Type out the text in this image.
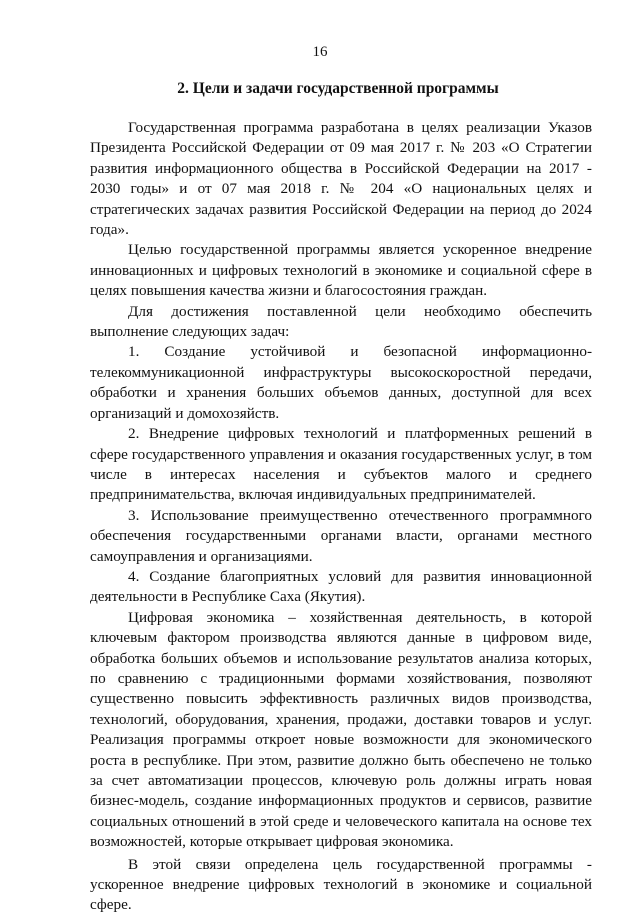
16
2. Цели и задачи государственной программы

Государственная программа разработана в целях реализации Указов Президента Российской Федерации от 09 мая 2017 г. № 203 «О Стратегии развития информационного общества в Российской Федерации на 2017 - 2030 годы» и от 07 мая 2018 г. № 204 «О национальных целях и стратегических задачах развития Российской Федерации на период до 2024 года».

Целью государственной программы является ускоренное внедрение инновационных и цифровых технологий в экономике и социальной сфере в целях повышения качества жизни и благосостояния граждан.

Для достижения поставленной цели необходимо обеспечить выполнение следующих задач:

1. Создание устойчивой и безопасной информационно-телекоммуникационной инфраструктуры высокоскоростной передачи, обработки и хранения больших объемов данных, доступной для всех организаций и домохозяйств.

2. Внедрение цифровых технологий и платформенных решений в сфере государственного управления и оказания государственных услуг, в том числе в интересах населения и субъектов малого и среднего предпринимательства, включая индивидуальных предпринимателей.

3. Использование преимущественно отечественного программного обеспечения государственными органами власти, органами местного самоуправления и организациями.

4. Создание благоприятных условий для развития инновационной деятельности в Республике Саха (Якутия).

Цифровая экономика – хозяйственная деятельность, в которой ключевым фактором производства являются данные в цифровом виде, обработка больших объемов и использование результатов анализа которых, по сравнению с традиционными формами хозяйствования, позволяют существенно повысить эффективность различных видов производства, технологий, оборудования, хранения, продажи, доставки товаров и услуг. Реализация программы откроет новые возможности для экономического роста в республике. При этом, развитие должно быть обеспечено не только за счет автоматизации процессов, ключевую роль должны играть новая бизнес-модель, создание информационных продуктов и сервисов, развитие социальных отношений в этой среде и человеческого капитала на основе тех возможностей, которые открывает цифровая экономика.

В этой связи определена цель государственной программы - ускоренное внедрение цифровых технологий в экономике и социальной сфере.
